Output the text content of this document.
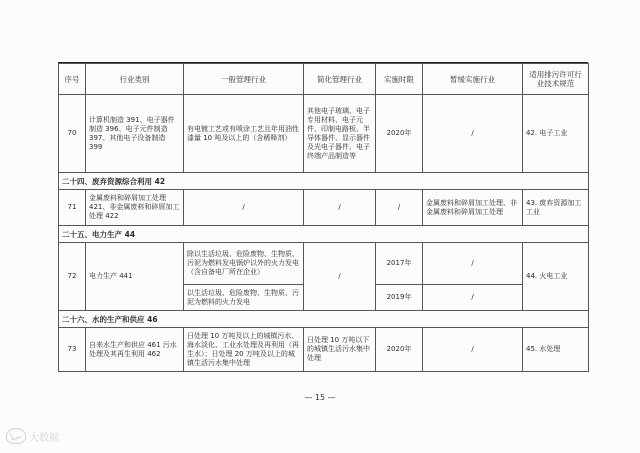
序号	行业类别	一般管理行业	简化管理行业	实施时限	暂缓实施行业	适用排污许可行业技术规范
70	计算机制造 391、电子器件制造 396、电子元件制造 397、其他电子设备制造 399	有电镀工艺或有喷涂工艺且年用油性漆量 10 吨及以上的（含稀释剂）	其他电子玻璃、电子专用材料、电子元件、印制电路板、半导体器件、显示器件及光电子器件、电子终端产品制造等	2020年	/	42. 电子工业
二十四、废弃资源综合利用 42						
71	金属废料和碎屑加工处理 421、非金属废料和碎屑加工处理 422	/	/	/	金属废料和碎屑加工处理、非金属废料和碎屑加工处理	43. 废弃资源加工工业
二十五、电力生产 44						
72	电力生产 441	除以生活垃圾、危险废物、生物质、污泥为燃料发电锅炉以外的火力发电（含自备电厂所在企业）	/	2017年	/	44. 火电工业
		以生活垃圾、危险废物、生物质、污泥为燃料的火力发电		2019年	/	
二十六、水的生产和供应 46						
73	自来水生产和供应 461 污水处理及其再生利用 462	日处理 10 万吨及以上的城镇污水、海水淡化、工业水处理及再利用（再生水）；日处理 20 万吨及以上的城镇生活污水集中处理	日处理 10 万吨以下的城镇生活污水集中处理	2020年	/	45. 水处理
— 15 —
大数据
